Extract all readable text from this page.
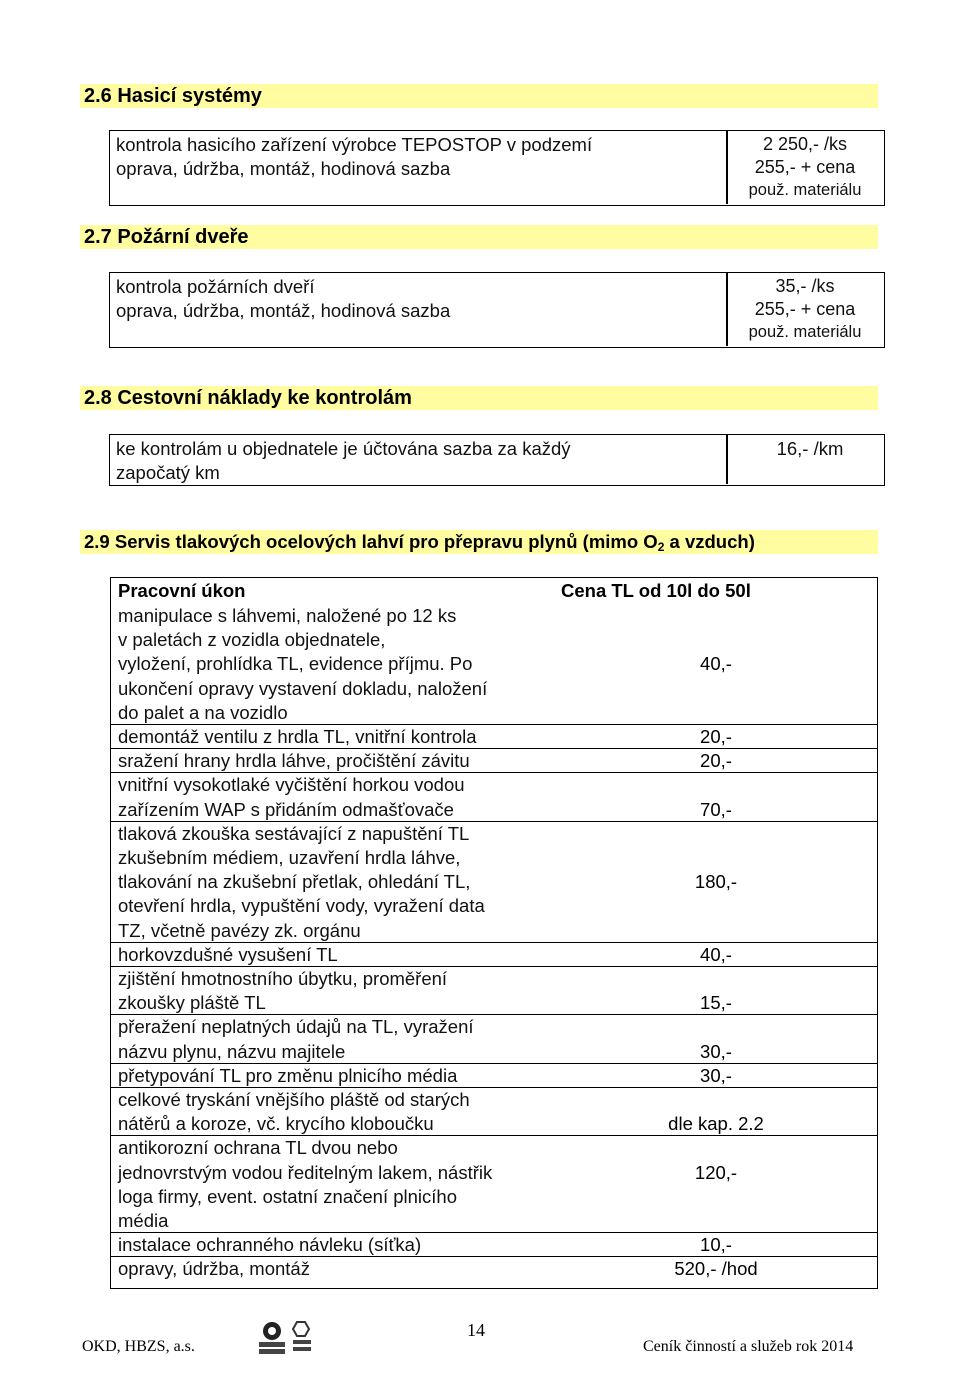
2.6 Hasicí systémy
kontrola hasicího zařízení výrobce TEPOSTOP v podzemí
oprava, údržba, montáž, hodinová sazba
2 250,- /ks
255,- + cena
použ. materiálu
2.7 Požární dveře
kontrola požárních dveří
oprava, údržba, montáž, hodinová sazba
35,- /ks
255,- + cena
použ. materiálu
2.8 Cestovní náklady ke kontrolám
ke kontrolám u objednatele je účtována sazba za každý
započatý km
16,- /km
2.9 Servis tlakových ocelových lahví pro přepravu plynů (mimo $O_2$ a vzduch)
Pracovní úkon	Cena TL od 10l do 50l
manipulace s láhvemi, naložené po 12 ks
v paletách z vozidla objednatele,
vyložení, prohlídka TL, evidence příjmu. Po
ukončení opravy vystavení dokladu, naložení
do palet a na vozidlo
40,-
demontáž ventilu z hrdla TL, vnitřní kontrola	20,-
sražení hrany hrdla láhve, pročištění závitu	20,-
vnitřní vysokotlaké vyčištění horkou vodou
zařízením WAP s přidáním odmašťovače	70,-
tlaková zkouška sestávající z napuštění TL
zkušebním médiem, uzavření hrdla láhve,
tlakování na zkušební přetlak, ohledání TL,
otevření hrdla, vypuštění vody, vyražení data
TZ, včetně pavézy zk. orgánu
180,-
horkovzdušné vysušení TL	40,-
zjištění hmotnostního úbytku, proměření
zkoušky pláště TL	15,-
přeražení neplatných údajů na TL, vyražení
názvu plynu, názvu majitele	30,-
přetypování TL pro změnu plnicího média	30,-
celkové tryskání vnějšího pláště od starých
nátěrů a koroze, vč. krycího kloboučku	dle kap. 2.2
antikorozní ochrana TL dvou nebo
jednovrstvým vodou ředitelným lakem, nástřik
loga firmy, event. ostatní značení plnicího
média
120,-
instalace ochranného návleku (síťka)	10,-
opravy, údržba, montáž	520,- /hod
OKD, HBZS, a.s.
14
Ceník činností a služeb rok 2014
